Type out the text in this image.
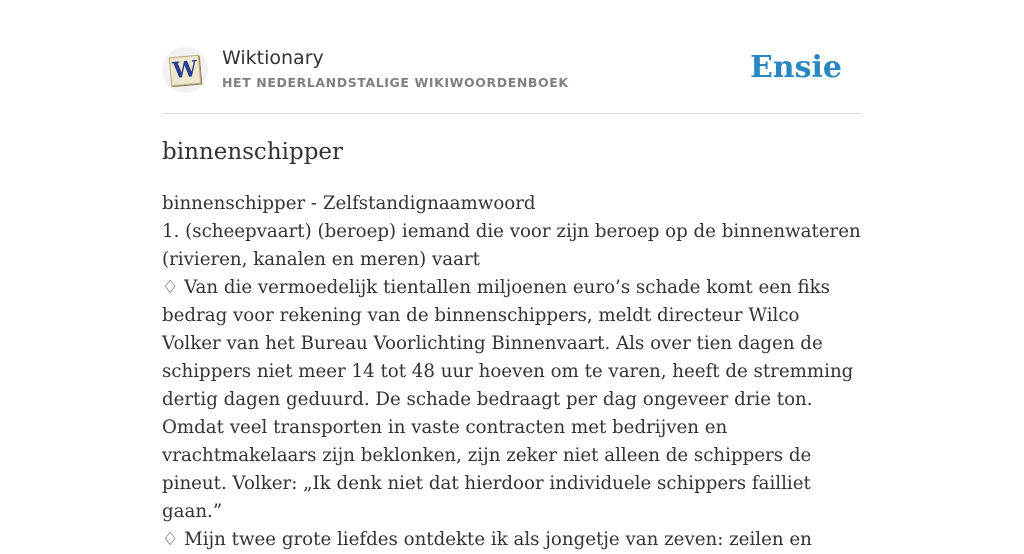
W Wiktionary
HET NEDERLANDSTALIGE WIKIWOORDENBOEK	Ensie
binnenschipper

binnenschipper - Zelfstandignaamwoord

1. (scheepvaart) (beroep) iemand die voor zijn beroep op de binnenwateren (rivieren, kanalen en meren) vaart

♢ Van die vermoedelijk tientallen miljoenen euro’s schade komt een fiks bedrag voor rekening van de binnenschippers, meldt directeur Wilco Volker van het Bureau Voorlichting Binnenvaart. Als over tien dagen de schippers niet meer 14 tot 48 uur hoeven om te varen, heeft de stremming dertig dagen geduurd. De schade bedraagt per dag ongeveer drie ton. Omdat veel transporten in vaste contracten met bedrijven en vrachtmakelaars zijn beklonken, zijn zeker niet alleen de schippers de pineut. Volker: „Ik denk niet dat hierdoor individuele schippers failliet gaan.”

♢ Mijn twee grote liefdes ontdekte ik als jongetje van zeven: zeilen en
